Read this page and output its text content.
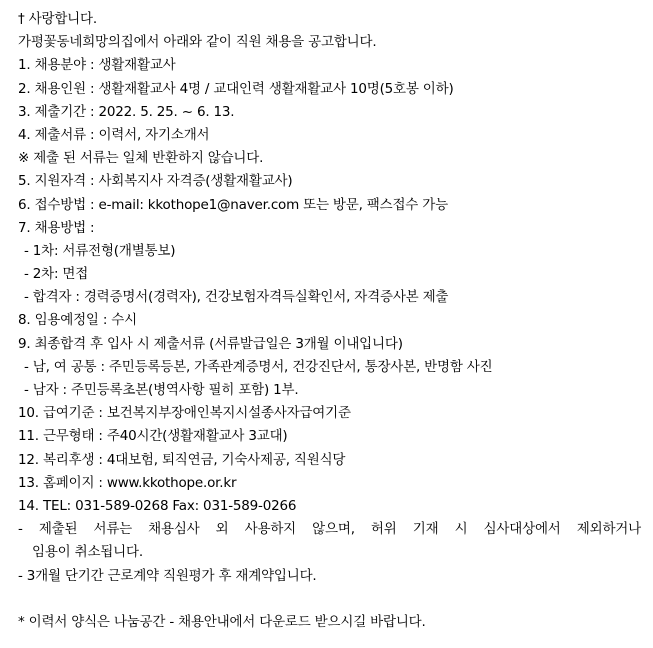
† 사랑합니다.
가평꽃동네희망의집에서 아래와 같이 직원 채용을 공고합니다.
1. 채용분야 : 생활재활교사
2. 채용인원 : 생활재활교사 4명 / 교대인력 생활재활교사 10명(5호봉 이하)
3. 제출기간 : 2022. 5. 25. ~ 6. 13.
4. 제출서류 : 이력서, 자기소개서
※ 제출 된 서류는 일체 반환하지 않습니다.
5. 지원자격 : 사회복지사 자격증(생활재활교사)
6. 접수방법 : e-mail: kkothope1@naver.com 또는 방문, 팩스접수 가능
7. 채용방법 :
- 1차: 서류전형(개별통보)
- 2차: 면접
- 합격자 : 경력증명서(경력자), 건강보험자격득실확인서, 자격증사본 제출
8. 임용예정일 : 수시
9. 최종합격 후 입사 시 제출서류 (서류발급일은 3개월 이내입니다)
- 남, 여 공통 : 주민등록등본, 가족관계증명서, 건강진단서, 통장사본, 반명함 사진
- 남자 : 주민등록초본(병역사항 필히 포함) 1부.
10. 급여기준 : 보건복지부장애인복지시설종사자급여기준
11. 근무형태 : 주40시간(생활재활교사 3교대)
12. 복리후생 : 4대보험, 퇴직연금, 기숙사제공, 직원식당
13. 홈페이지 : www.kkothope.or.kr
14. TEL: 031-589-0268 Fax: 031-589-0266
- 제출된 서류는 채용심사 외 사용하지 않으며, 허위 기재 시 심사대상에서 제외하거나
임용이 취소됩니다.
- 3개월 단기간 근로계약 직원평가 후 재계약입니다.
* 이력서 양식은 나눔공간 - 채용안내에서 다운로드 받으시길 바랍니다.
